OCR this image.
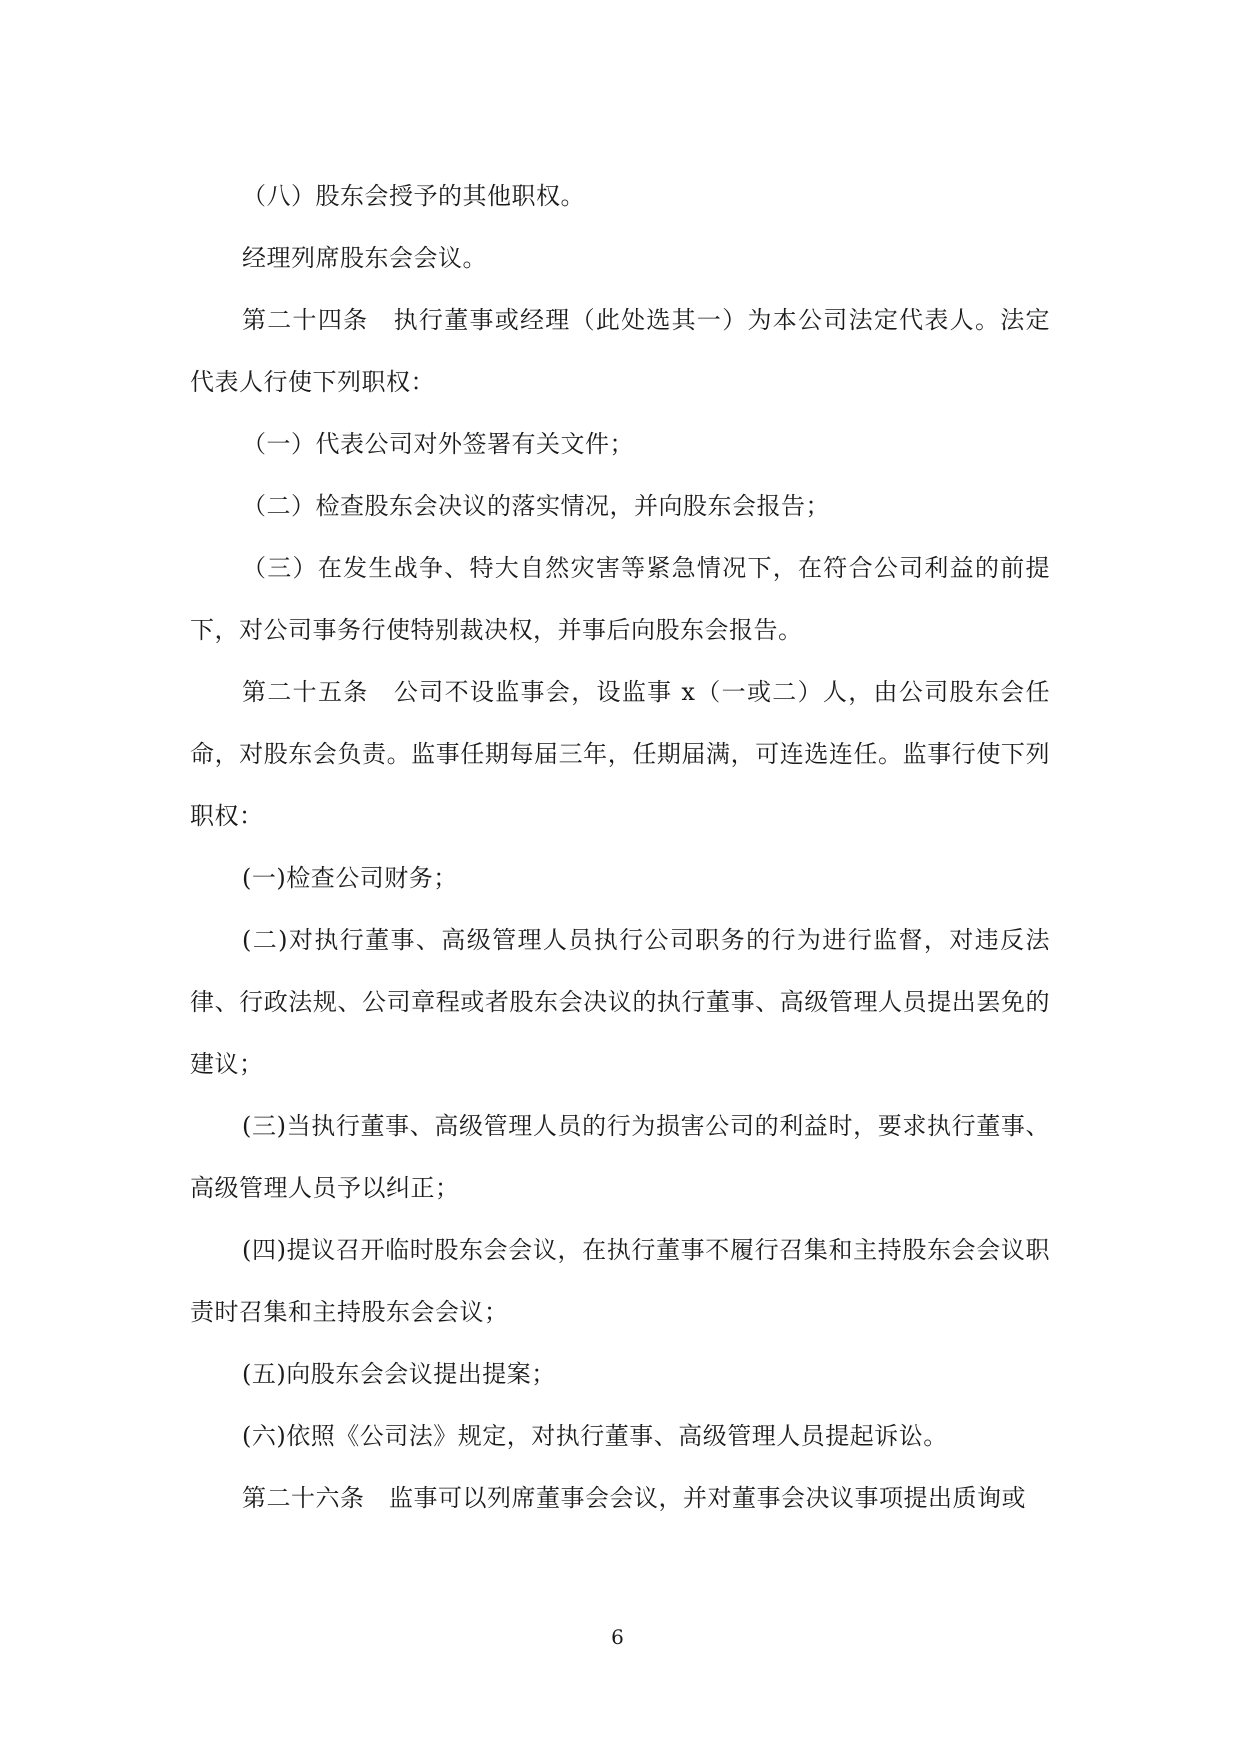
（八）股东会授予的其他职权。

经理列席股东会会议。

第二十四条　执行董事或经理（此处选其一）为本公司法定代表人。法定代表人行使下列职权：

（一）代表公司对外签署有关文件；

（二）检查股东会决议的落实情况，并向股东会报告；

（三）在发生战争、特大自然灾害等紧急情况下，在符合公司利益的前提下，对公司事务行使特别裁决权，并事后向股东会报告。

第二十五条　公司不设监事会，设监事 x（一或二）人，由公司股东会任命，对股东会负责。监事任期每届三年，任期届满，可连选连任。监事行使下列职权：

(一)检查公司财务；

(二)对执行董事、高级管理人员执行公司职务的行为进行监督，对违反法律、行政法规、公司章程或者股东会决议的执行董事、高级管理人员提出罢免的建议；

(三)当执行董事、高级管理人员的行为损害公司的利益时，要求执行董事、高级管理人员予以纠正；

(四)提议召开临时股东会会议，在执行董事不履行召集和主持股东会会议职责时召集和主持股东会会议；

(五)向股东会会议提出提案；

(六)依照《公司法》规定，对执行董事、高级管理人员提起诉讼。

第二十六条　监事可以列席董事会会议，并对董事会决议事项提出质询或

6
